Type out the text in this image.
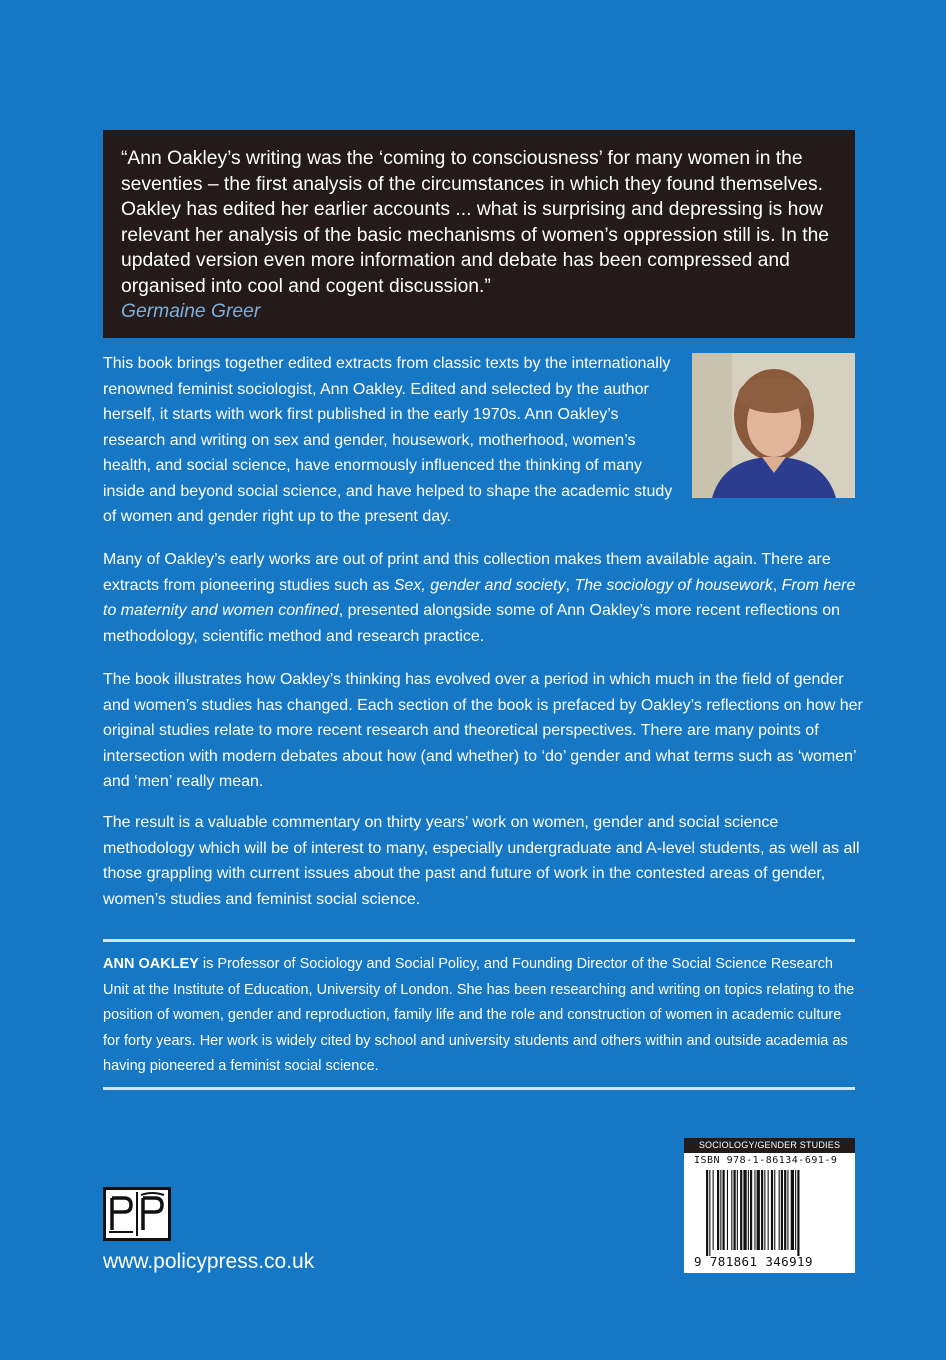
“Ann Oakley’s writing was the ‘coming to consciousness’ for many women in the seventies – the first analysis of the circumstances in which they found themselves. Oakley has edited her earlier accounts ... what is surprising and depressing is how relevant her analysis of the basic mechanisms of women’s oppression still is. In the updated version even more information and debate has been compressed and organised into cool and cogent discussion.”

Germaine Greer

This book brings together edited extracts from classic texts by the internationally renowned feminist sociologist, Ann Oakley. Edited and selected by the author herself, it starts with work first published in the early 1970s. Ann Oakley’s research and writing on sex and gender, housework, motherhood, women’s health, and social science, have enormously influenced the thinking of many inside and beyond social science, and have helped to shape the academic study of women and gender right up to the present day.

Many of Oakley’s early works are out of print and this collection makes them available again. There are extracts from pioneering studies such as Sex, gender and society, The sociology of housework, From here to maternity and women confined, presented alongside some of Ann Oakley’s more recent reflections on methodology, scientific method and research practice.

The book illustrates how Oakley’s thinking has evolved over a period in which much in the field of gender and women’s studies has changed. Each section of the book is prefaced by Oakley’s reflections on how her original studies relate to more recent research and theoretical perspectives. There are many points of intersection with modern debates about how (and whether) to ‘do’ gender and what terms such as ‘women’ and ‘men’ really mean.

The result is a valuable commentary on thirty years’ work on women, gender and social science methodology which will be of interest to many, especially undergraduate and A-level students, as well as all those grappling with current issues about the past and future of work in the contested areas of gender, women’s studies and feminist social science.

ANN OAKLEY is Professor of Sociology and Social Policy, and Founding Director of the Social Science Research Unit at the Institute of Education, University of London. She has been researching and writing on topics relating to the position of women, gender and reproduction, family life and the role and construction of women in academic culture for forty years. Her work is widely cited by school and university students and others within and outside academia as having pioneered a feminist social science.

www.policypress.co.uk

SOCIOLOGY/GENDER STUDIES
ISBN 978-1-86134-691-9
9 781861 346919
